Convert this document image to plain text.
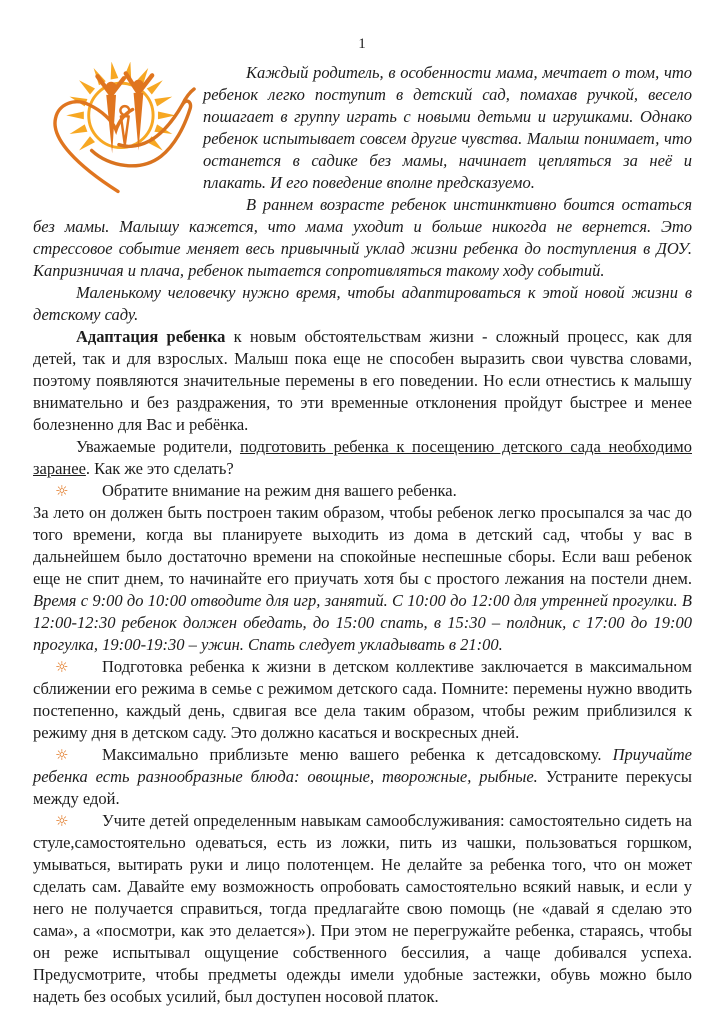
1

Каждый родитель, в особенности мама, мечтает о том, что ребенок легко поступит в детский сад, помахав ручкой, весело пошагает в группу играть с новыми детьми и игрушками. Однако ребенок испытывает совсем другие чувства. Малыш понимает, что останется в садике без мамы, начинает цепляться за неё и плакать. И его поведение вполне предсказуемо.

В раннем возрасте ребенок инстинктивно боится остаться без мамы. Малышу кажется, что мама уходит и больше никогда не вернется. Это стрессовое событие меняет весь привычный уклад жизни ребенка до поступления в ДОУ. Капризничая и плача, ребенок пытается сопротивляться такому ходу событий.

Маленькому человечку нужно время, чтобы адаптироваться к этой новой жизни в детскому саду.

Адаптация ребенка к новым обстоятельствам жизни - сложный процесс, как для детей, так и для взрослых. Малыш пока еще не способен выразить свои чувства словами, поэтому появляются значительные перемены в его поведении. Но если отнестись к малышу внимательно и без раздражения, то эти временные отклонения пройдут быстрее и менее болезненно для Вас и ребёнка.

Уважаемые родители, подготовить ребенка к посещению детского сада необходимо заранее. Как же это сделать?

☼ Обратите внимание на режим дня вашего ребенка.

За лето он должен быть построен таким образом, чтобы ребенок легко просыпался за час до того времени, когда вы планируете выходить из дома в детский сад, чтобы у вас в дальнейшем было достаточно времени на спокойные неспешные сборы. Если ваш ребенок еще не спит днем, то начинайте его приучать хотя бы с простого лежания на постели днем. Время с 9:00 до 10:00 отводите для игр, занятий. С 10:00 до 12:00 для утренней прогулки. В 12:00-12:30 ребенок должен обедать, до 15:00 спать, в 15:30 – полдник, с 17:00 до 19:00 прогулка, 19:00-19:30 – ужин. Спать следует укладывать в 21:00.

☼ Подготовка ребенка к жизни в детском коллективе заключается в максимальном сближении его режима в семье с режимом детского сада. Помните: перемены нужно вводить постепенно, каждый день, сдвигая все дела таким образом, чтобы режим приблизился к режиму дня в детском саду. Это должно касаться и воскресных дней.

☼ Максимально приблизьте меню вашего ребенка к детсадовскому. Приучайте ребенка есть разнообразные блюда: овощные, творожные, рыбные. Устраните перекусы между едой.

☼ Учите детей определенным навыкам самообслуживания: самостоятельно сидеть на стуле,самостоятельно одеваться, есть из ложки, пить из чашки, пользоваться горшком, умываться, вытирать руки и лицо полотенцем. Не делайте за ребенка того, что он может сделать сам. Давайте ему возможность опробовать самостоятельно всякий навык, и если у него не получается справиться, тогда предлагайте свою помощь (не «давай я сделаю это сама», а «посмотри, как это делается»). При этом не перегружайте ребенка, стараясь, чтобы он реже испытывал ощущение собственного бессилия, а чаще добивался успеха. Предусмотрите, чтобы предметы одежды имели удобные застежки, обувь можно было надеть без особых усилий, был доступен носовой платок.
